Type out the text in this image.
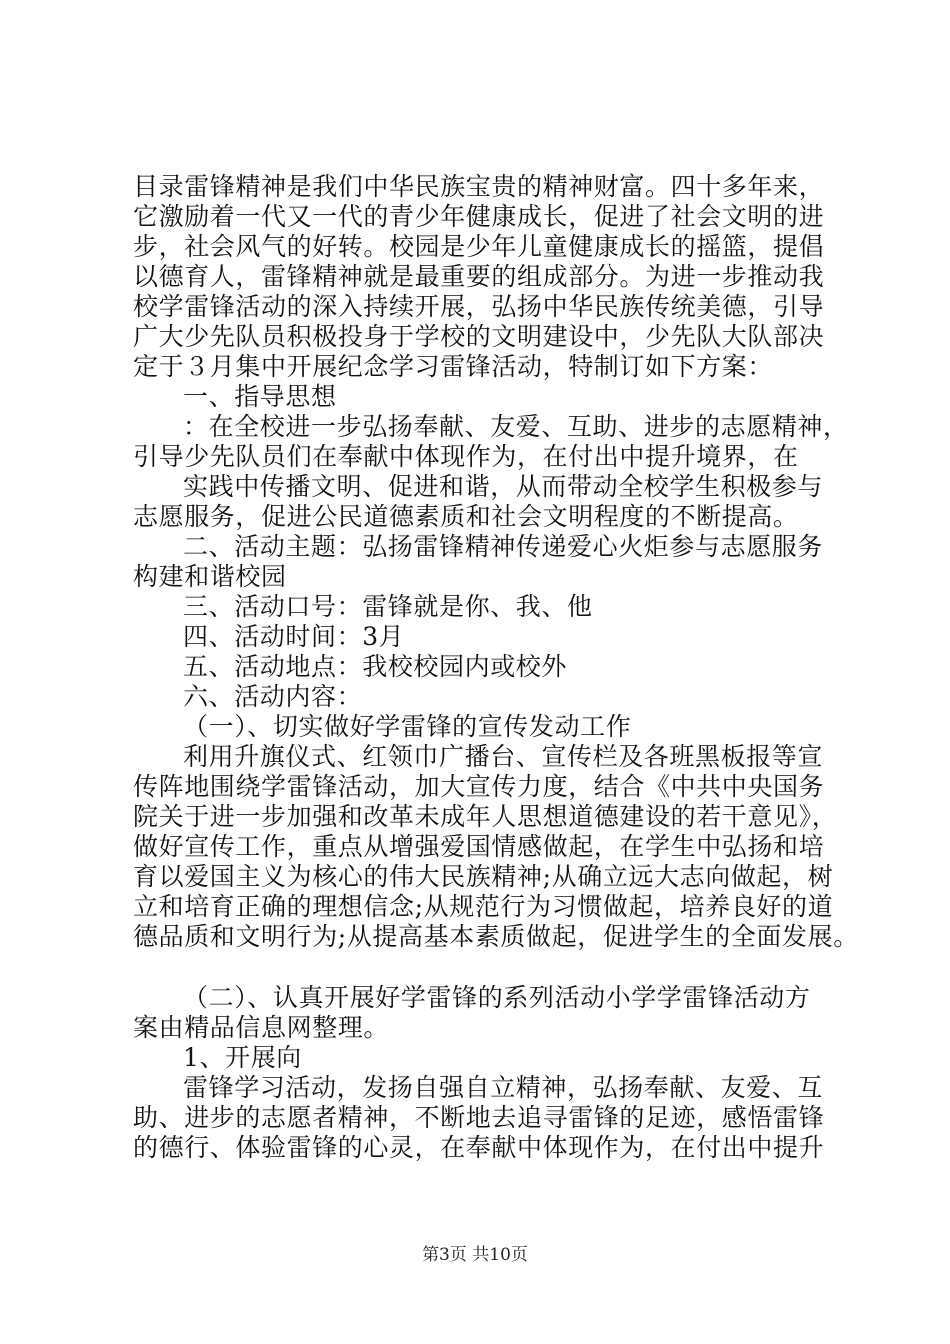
目录雷锋精神是我们中华民族宝贵的精神财富。四十多年来，
它激励着一代又一代的青少年健康成长，促进了社会文明的进
步，社会风气的好转。校园是少年儿童健康成长的摇篮，提倡
以德育人，雷锋精神就是最重要的组成部分。为进一步推动我
校学雷锋活动的深入持续开展，弘扬中华民族传统美德，引导
广大少先队员积极投身于学校的文明建设中，少先队大队部决
定于３月集中开展纪念学习雷锋活动，特制订如下方案：
一、指导思想
：在全校进一步弘扬奉献、友爱、互助、进步的志愿精神，
引导少先队员们在奉献中体现作为，在付出中提升境界，在
实践中传播文明、促进和谐，从而带动全校学生积极参与
志愿服务，促进公民道德素质和社会文明程度的不断提高。
二、活动主题：弘扬雷锋精神传递爱心火炬参与志愿服务
构建和谐校园
三、活动口号：雷锋就是你、我、他
四、活动时间：3月
五、活动地点：我校校园内或校外
六、活动内容：
（一）、切实做好学雷锋的宣传发动工作
利用升旗仪式、红领巾广播台、宣传栏及各班黑板报等宣
传阵地围绕学雷锋活动，加大宣传力度，结合《中共中央国务
院关于进一步加强和改革未成年人思想道德建设的若干意见》，
做好宣传工作，重点从增强爱国情感做起，在学生中弘扬和培
育以爱国主义为核心的伟大民族精神;从确立远大志向做起，树
立和培育正确的理想信念;从规范行为习惯做起，培养良好的道
德品质和文明行为;从提高基本素质做起，促进学生的全面发展。
（二）、认真开展好学雷锋的系列活动小学学雷锋活动方
案由精品信息网整理。
1、开展向
雷锋学习活动，发扬自强自立精神，弘扬奉献、友爱、互
助、进步的志愿者精神，不断地去追寻雷锋的足迹，感悟雷锋
的德行、体验雷锋的心灵，在奉献中体现作为，在付出中提升
第3页 共10页
